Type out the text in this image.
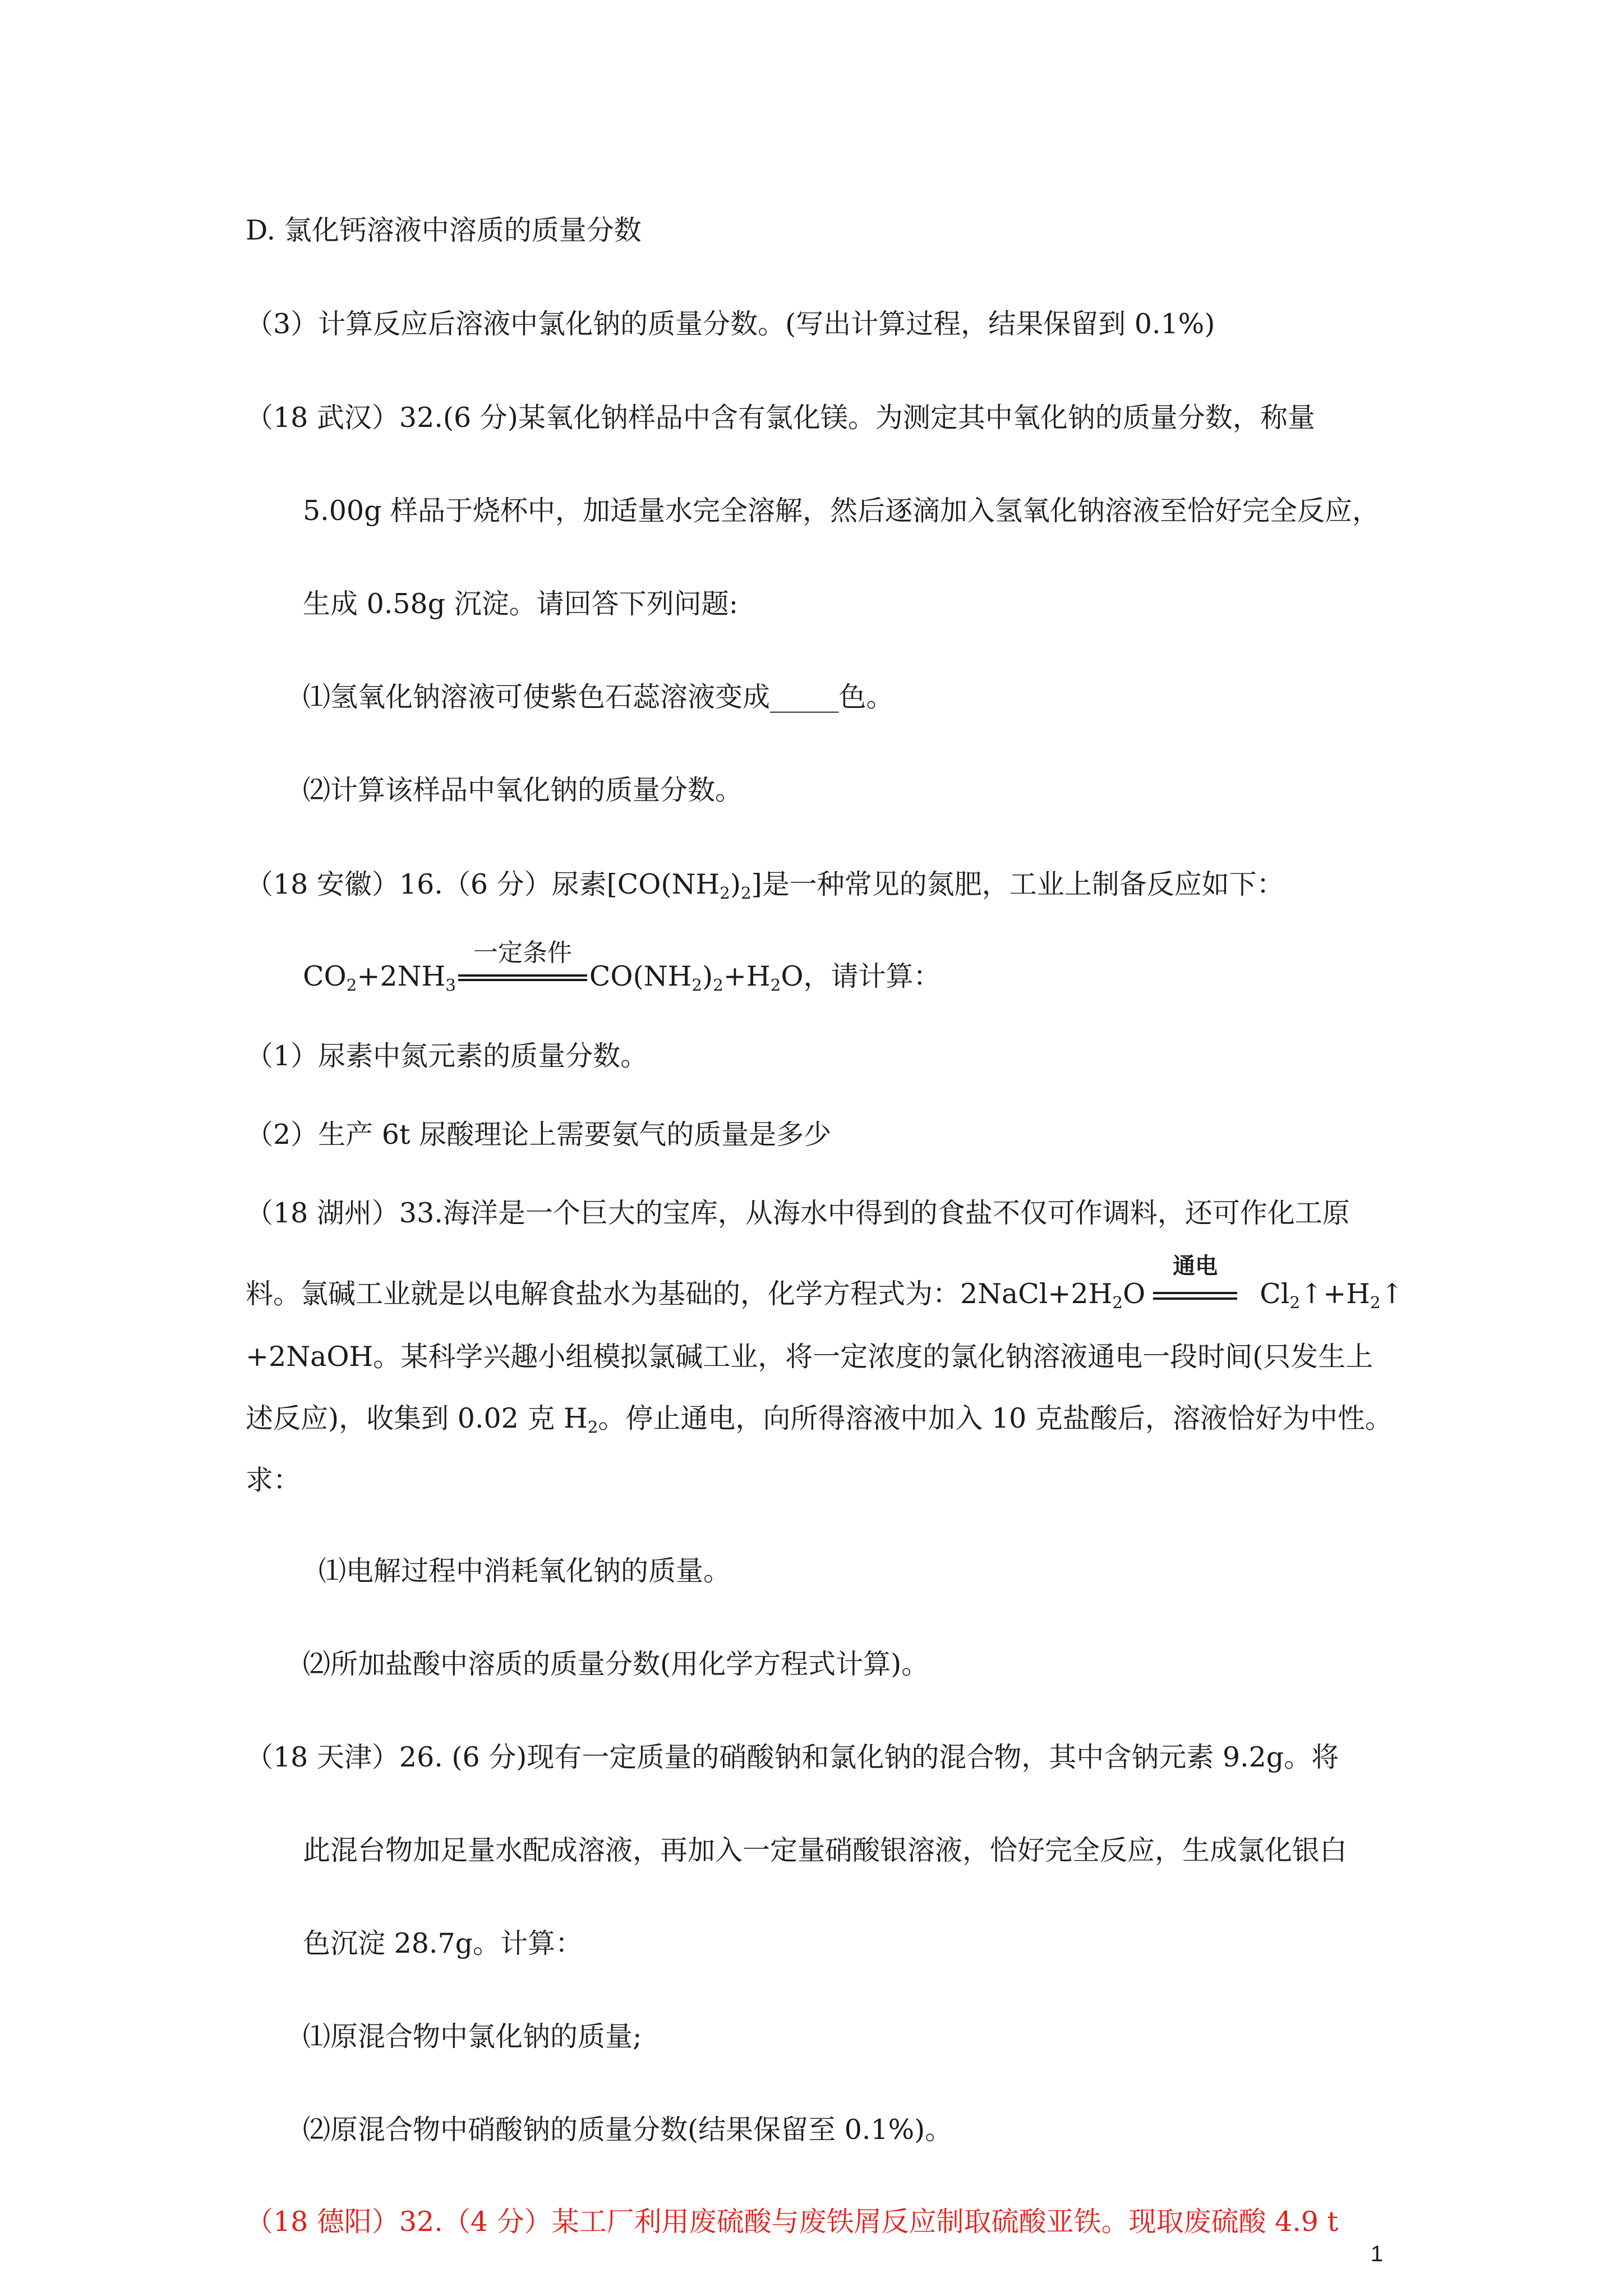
D. 氯化钙溶液中溶质的质量分数
（3）计算反应后溶液中氯化钠的质量分数。(写出计算过程，结果保留到 0.1%)
（18 武汉）32.(6 分)某氧化钠样品中含有氯化镁。为测定其中氧化钠的质量分数，称量
5.00g 样品于烧杯中，加适量水完全溶解，然后逐滴加入氢氧化钠溶液至恰好完全反应，
生成 0.58g 沉淀。请回答下列问题:
⑴氢氧化钠溶液可使紫色石蕊溶液变成_____色。
⑵计算该样品中氧化钠的质量分数。
（18 安徽）16.（6 分）尿素$[CO(NH_2)_2]$是一种常见的氮肥，工业上制备反应如下：
$CO_2+2NH_3$
一定条件
$CO(NH_2)_2+H_2O$，请计算：
（1）尿素中氮元素的质量分数。
（2）生产 6t 尿酸理论上需要氨气的质量是多少
（18 湖州）33.海洋是一个巨大的宝库，从海水中得到的食盐不仅可作调料，还可作化工原
料。氯碱工业就是以电解食盐水为基础的，化学方程式为：$2NaCl+2H_2O$
通电
$Cl_2↑+H_2↑$
+2NaOH。某科学兴趣小组模拟氯碱工业，将一定浓度的氯化钠溶液通电一段时间(只发生上
述反应)，收集到 0.02 克 $H_2$。停止通电，向所得溶液中加入 10 克盐酸后，溶液恰好为中性。
求：
⑴电解过程中消耗氧化钠的质量。
⑵所加盐酸中溶质的质量分数(用化学方程式计算)。
（18 天津）26. (6 分)现有一定质量的硝酸钠和氯化钠的混合物，其中含钠元素 9.2g。将
此混台物加足量水配成溶液，再加入一定量硝酸银溶液，恰好完全反应，生成氯化银白
色沉淀 28.7g。计算：
⑴原混合物中氯化钠的质量;
⑵原混合物中硝酸钠的质量分数(结果保留至 0.1%)。
（18 德阳）32.（4 分）某工厂利用废硫酸与废铁屑反应制取硫酸亚铁。现取废硫酸 4.9 t
1
